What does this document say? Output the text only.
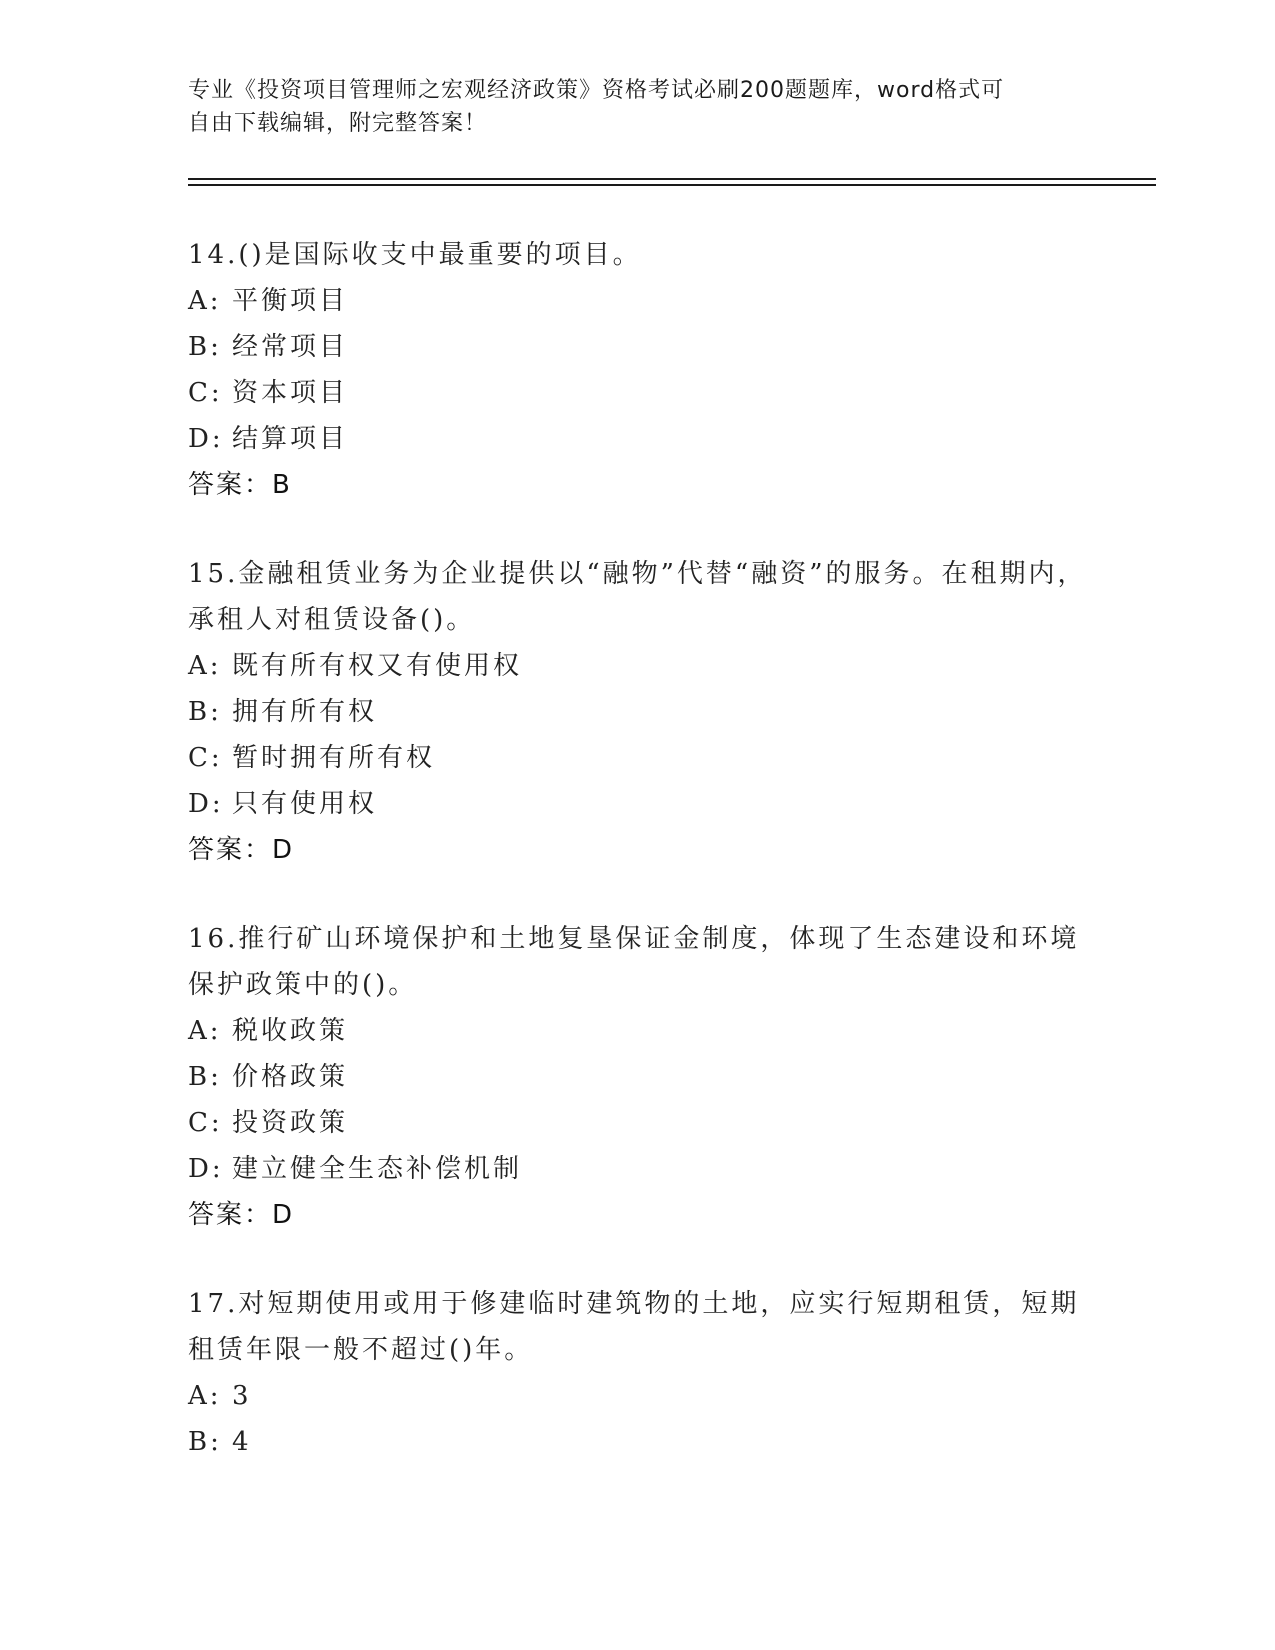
专业《投资项目管理师之宏观经济政策》资格考试必刷200题题库，word格式可
自由下载编辑，附完整答案！

14.()是国际收支中最重要的项目。

A: 平衡项目

B: 经常项目

C: 资本项目

D: 结算项目

答案：B

15.金融租赁业务为企业提供以“融物”代替“融资”的服务。在租期内，承租人对租赁设备()。

A: 既有所有权又有使用权

B: 拥有所有权

C: 暂时拥有所有权

D: 只有使用权

答案：D

16.推行矿山环境保护和土地复垦保证金制度，体现了生态建设和环境保护政策中的()。

A: 税收政策

B: 价格政策

C: 投资政策

D: 建立健全生态补偿机制

答案：D

17.对短期使用或用于修建临时建筑物的土地，应实行短期租赁，短期租赁年限一般不超过()年。

A: 3

B: 4
